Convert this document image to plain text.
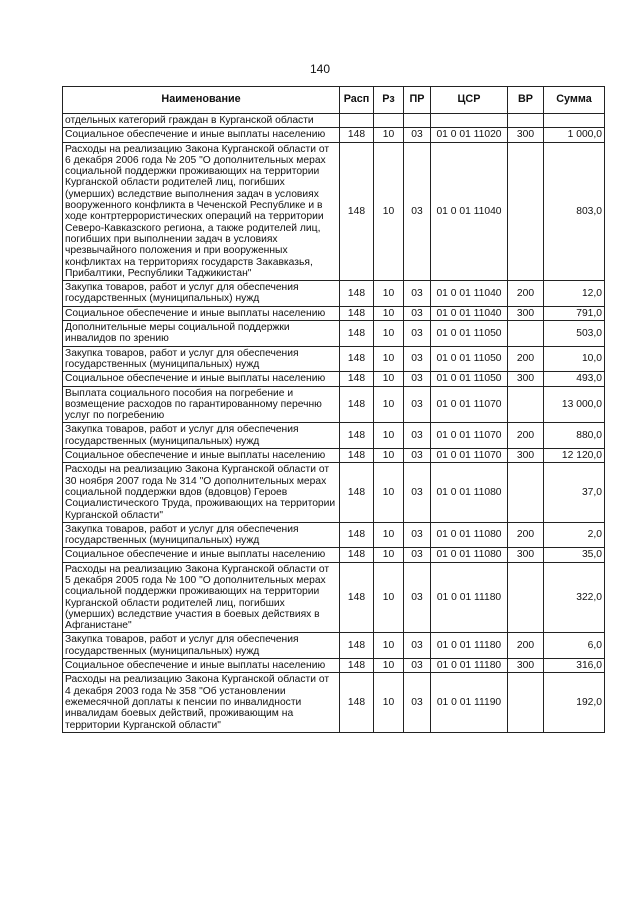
140
Наименование	Расп	Рз	ПР	ЦСР	ВР	Сумма
отдельных категорий граждан в Курганской области						
Социальное обеспечение и иные выплаты населению	148	10	03	01 0 01 11020	300	1 000,0
Расходы на реализацию Закона Курганской области от 6 декабря 2006 года № 205 "О дополнительных мерах социальной поддержки проживающих на территории Курганской области родителей лиц, погибших (умерших) вследствие выполнения задач в условиях вооруженного конфликта в Чеченской Республике и в ходе контртеррористических операций на территории Северо-Кавказского региона, а также родителей лиц, погибших при выполнении задач в условиях чрезвычайного положения и при вооруженных конфликтах на территориях государств Закавказья, Прибалтики, Республики Таджикистан"	148	10	03	01 0 01 11040		803,0
Закупка товаров, работ и услуг для обеспечения государственных (муниципальных) нужд	148	10	03	01 0 01 11040	200	12,0
Социальное обеспечение и иные выплаты населению	148	10	03	01 0 01 11040	300	791,0
Дополнительные меры социальной поддержки инвалидов по зрению	148	10	03	01 0 01 11050		503,0
Закупка товаров, работ и услуг для обеспечения государственных (муниципальных) нужд	148	10	03	01 0 01 11050	200	10,0
Социальное обеспечение и иные выплаты населению	148	10	03	01 0 01 11050	300	493,0
Выплата социального пособия на погребение и возмещение расходов по гарантированному перечню услуг по погребению	148	10	03	01 0 01 11070		13 000,0
Закупка товаров, работ и услуг для обеспечения государственных (муниципальных) нужд	148	10	03	01 0 01 11070	200	880,0
Социальное обеспечение и иные выплаты населению	148	10	03	01 0 01 11070	300	12 120,0
Расходы на реализацию Закона Курганской области от 30 ноября 2007 года № 314 "О дополнительных мерах социальной поддержки вдов (вдовцов) Героев Социалистического Труда, проживающих на территории Курганской области"	148	10	03	01 0 01 11080		37,0
Закупка товаров, работ и услуг для обеспечения государственных (муниципальных) нужд	148	10	03	01 0 01 11080	200	2,0
Социальное обеспечение и иные выплаты населению	148	10	03	01 0 01 11080	300	35,0
Расходы на реализацию Закона Курганской области от 5 декабря 2005 года № 100 "О дополнительных мерах социальной поддержки проживающих на территории Курганской области родителей лиц, погибших (умерших) вследствие участия в боевых действиях в Афганистане"	148	10	03	01 0 01 11180		322,0
Закупка товаров, работ и услуг для обеспечения государственных (муниципальных) нужд	148	10	03	01 0 01 11180	200	6,0
Социальное обеспечение и иные выплаты населению	148	10	03	01 0 01 11180	300	316,0
Расходы на реализацию Закона Курганской области от 4 декабря 2003 года № 358 "Об установлении ежемесячной доплаты к пенсии по инвалидности инвалидам боевых действий, проживающим на территории Курганской области"	148	10	03	01 0 01 11190		192,0
